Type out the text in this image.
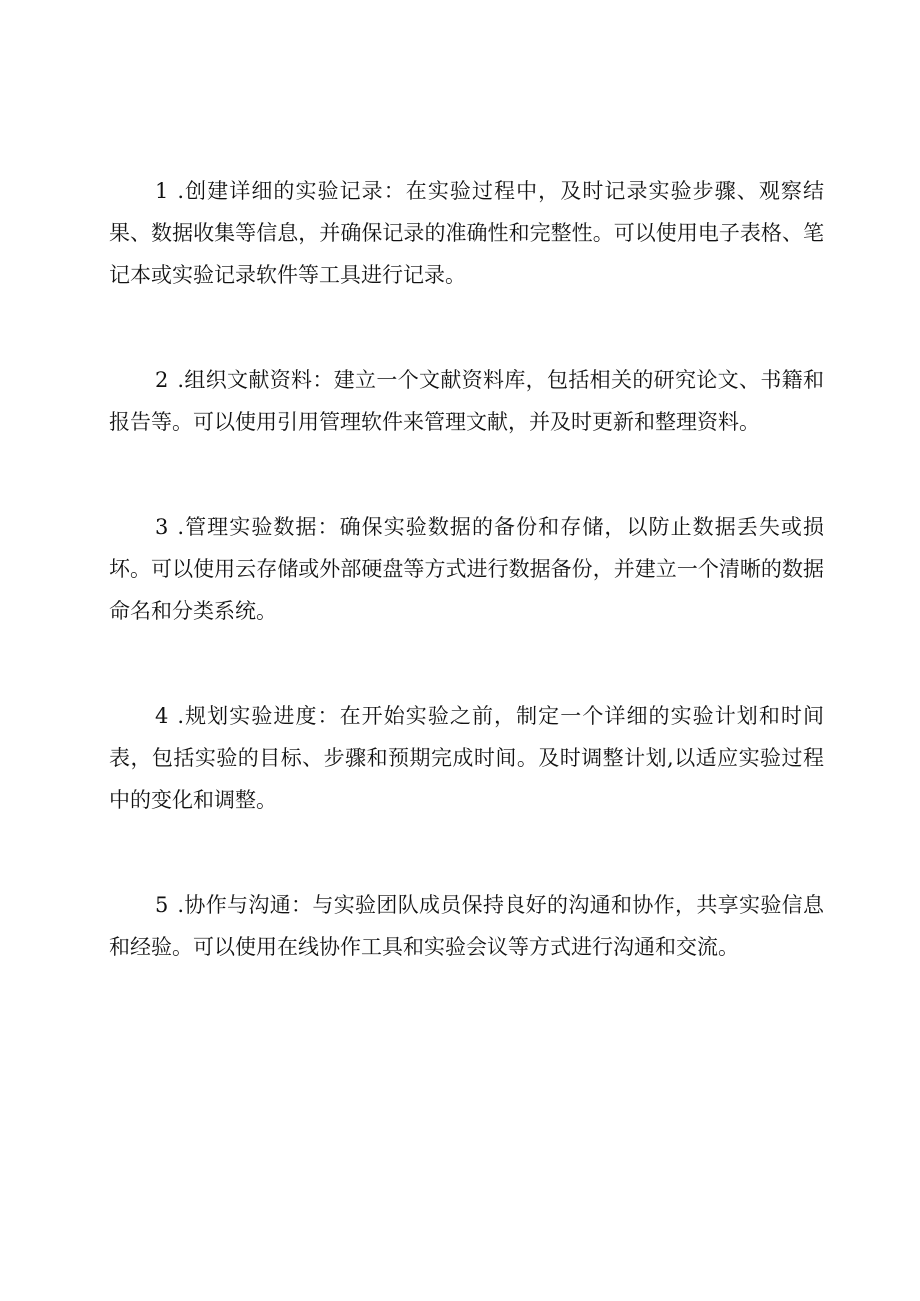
1 .创建详细的实验记录：在实验过程中，及时记录实验步骤、观察结果、数据收集等信息，并确保记录的准确性和完整性。可以使用电子表格、笔记本或实验记录软件等工具进行记录。

2 .组织文献资料：建立一个文献资料库，包括相关的研究论文、书籍和报告等。可以使用引用管理软件来管理文献，并及时更新和整理资料。

3 .管理实验数据：确保实验数据的备份和存储，以防止数据丢失或损坏。可以使用云存储或外部硬盘等方式进行数据备份，并建立一个清晰的数据命名和分类系统。

4 .规划实验进度：在开始实验之前，制定一个详细的实验计划和时间表，包括实验的目标、步骤和预期完成时间。及时调整计划,以适应实验过程中的变化和调整。

5 .协作与沟通：与实验团队成员保持良好的沟通和协作，共享实验信息和经验。可以使用在线协作工具和实验会议等方式进行沟通和交流。
